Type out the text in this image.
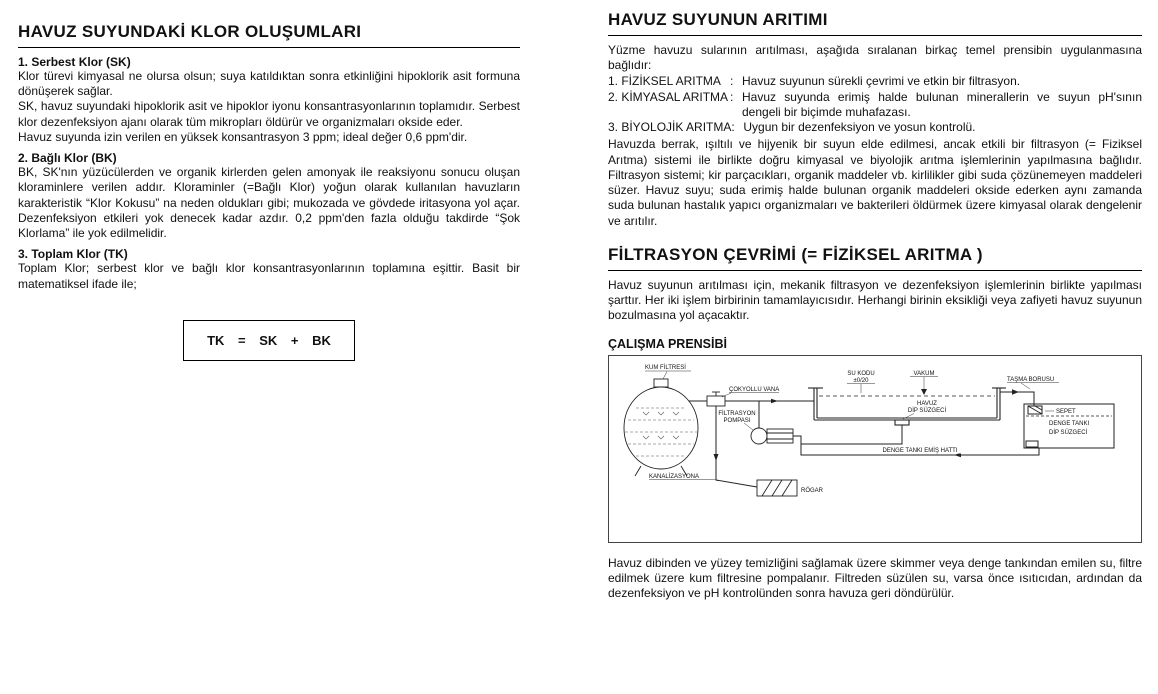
HAVUZ SUYUNDAKİ KLOR OLUŞUMLARI
1. Serbest Klor (SK)

Klor türevi kimyasal ne olursa olsun; suya katıldıktan sonra etkinliğini hipoklorik asit formuna dönüşerek sağlar.

SK, havuz suyundaki hipoklorik asit ve hipoklor iyonu konsantrasyonlarının toplamıdır. Serbest klor dezenfeksiyon ajanı olarak tüm mikropları öldürür ve organizmaları okside eder.

Havuz suyunda izin verilen en yüksek konsantrasyon 3 ppm; ideal değer 0,6 ppm'dir.

2. Bağlı Klor (BK)

BK, SK'nın yüzücülerden ve organik kirlerden gelen amonyak ile reaksiyonu sonucu oluşan kloraminlere verilen addır. Kloraminler (=Bağlı Klor) yoğun olarak kullanılan havuzların karakteristik “Klor Kokusu” na neden oldukları gibi; mukozada ve gövdede iritasyona yol açar. Dezenfeksiyon etkileri yok denecek kadar azdır. 0,2 ppm'den fazla olduğu takdirde “Şok Klorlama” ile yok edilmelidir.

3. Toplam Klor (TK)

Toplam Klor; serbest klor ve bağlı klor konsantrasyonlarının toplamına eşittir. Basit bir matematiksel ifade ile;

TK = SK + BK
HAVUZ SUYUNUN ARITIMI

Yüzme havuzu sularının arıtılması, aşağıda sıralanan birkaç temel prensibin uygulanmasına bağlıdır:

1. FİZİKSEL ARITMA : Havuz suyunun sürekli çevrimi ve etkin bir filtrasyon.
2. KİMYASAL ARITMA : Havuz suyunda erimiş halde bulunan minerallerin ve suyun pH'sının dengeli bir biçimde muhafazası.
3. BİYOLOJİK ARITMA : Uygun bir dezenfeksiyon ve yosun kontrolü.

Havuzda berrak, ışıltılı ve hijyenik bir suyun elde edilmesi, ancak etkili bir filtrasyon (= Fiziksel Arıtma) sistemi ile birlikte doğru kimyasal ve biyolojik arıtma işlemlerinin yapılmasına bağlıdır. Filtrasyon sistemi; kir parçacıkları, organik maddeler vb. kirlilikler gibi suda çözünemeyen maddeleri süzer. Havuz suyu; suda erimiş halde bulunan organik maddeleri okside ederken aynı zamanda suda bulunan hastalık yapıcı organizmaları ve bakterileri öldürmek üzere kimyasal olarak dengelenir ve arıtılır.

FİLTRASYON ÇEVRİMİ (= FİZİKSEL ARITMA )

Havuz suyunun arıtılması için, mekanik filtrasyon ve dezenfeksiyon işlemlerinin birlikte yapılması şarttır. Her iki işlem birbirinin tamamlayıcısıdır. Herhangi birinin eksikliği veya zafiyeti havuz suyunun bozulmasına yol açacaktır.

ÇALIŞMA PRENSİBİ
KUM FİLTRESİ
ÇOKYOLLU VANA
SU KODU
±0/20
VAKUM
TAŞMA BORUSU
HAVUZ
DİP SÜZGECİ	SEPET
DENGE TANKI
DİP SÜZGECİ
FİLTRASYON
POMPASI
DENGE TANKI EMİŞ HATTI
KANALİZASYONA
RÖGAR

Havuz dibinden ve yüzey temizliğini sağlamak üzere skimmer veya denge tankından emilen su, filtre edilmek üzere kum filtresine pompalanır. Filtreden süzülen su, varsa önce ısıtıcıdan, ardından da dezenfeksiyon ve pH kontrolünden sonra havuza geri döndürülür.
